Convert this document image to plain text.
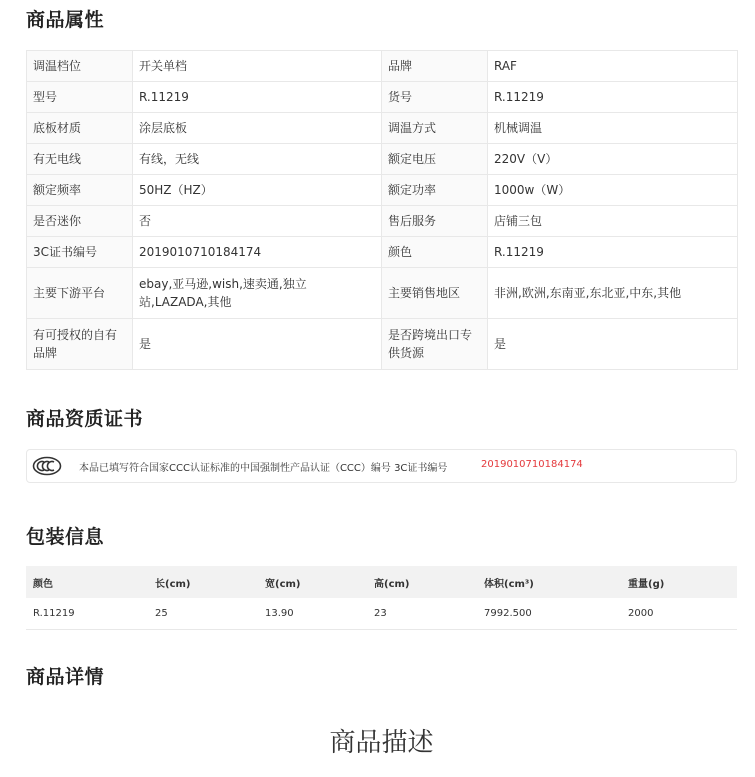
商品属性
调温档位	开关单档	品牌	RAF
型号	R.11219	货号	R.11219
底板材质	涂层底板	调温方式	机械调温
有无电线	有线，无线	额定电压	220V（V）
额定频率	50HZ（HZ）	额定功率	1000w（W）
是否迷你	否	售后服务	店铺三包
3C证书编号	2019010710184174	颜色	R.11219
主要下游平台	ebay,亚马逊,wish,速卖通,独立站,LAZADA,其他	主要销售地区	非洲,欧洲,东南亚,东北亚,中东,其他
有可授权的自有品牌	是	是否跨境出口专供货源	是
商品资质证书
本品已填写符合国家CCC认证标准的中国强制性产品认证（CCC）编号 3C证书编号	2019010710184174
包装信息
颜色	长(cm)	宽(cm)	高(cm)	体积(cm³)	重量(g)
R.11219	25	13.90	23	7992.500	2000
商品详情
商品描述
